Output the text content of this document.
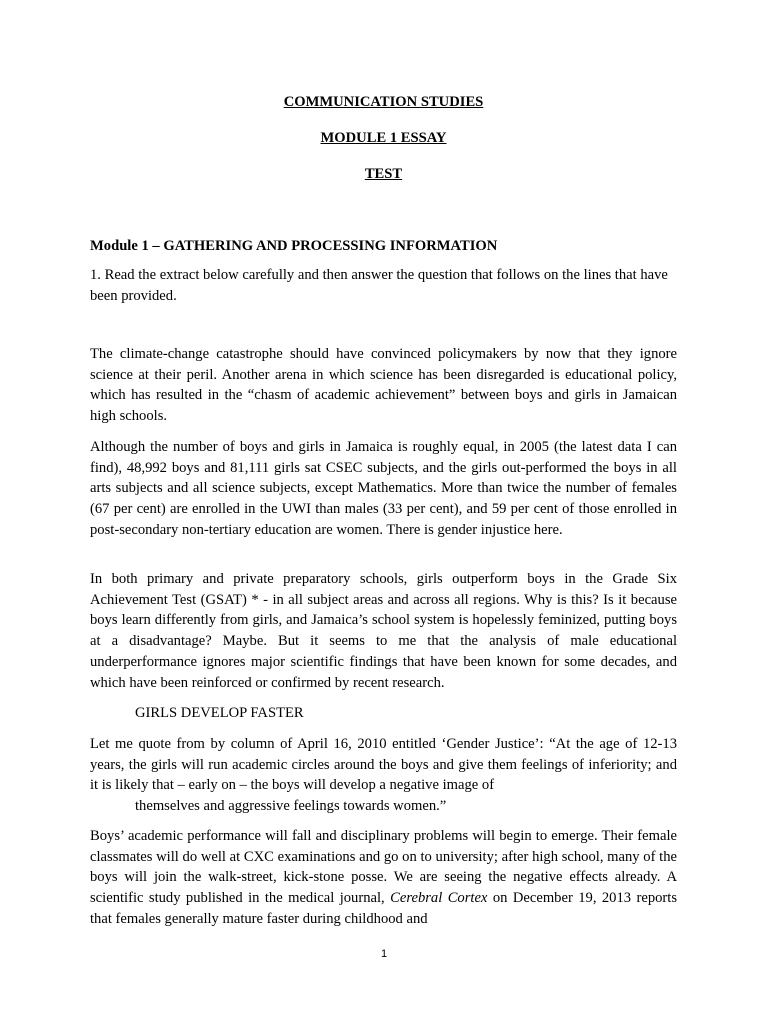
COMMUNICATION STUDIES
MODULE 1 ESSAY
TEST
Module 1 – GATHERING AND PROCESSING INFORMATION

1. Read the extract below carefully and then answer the question that follows on the lines that have been provided.

The climate-change catastrophe should have convinced policymakers by now that they ignore science at their peril. Another arena in which science has been disregarded is educational policy, which has resulted in the “chasm of academic achievement” between boys and girls in Jamaican high schools.

Although the number of boys and girls in Jamaica is roughly equal, in 2005 (the latest data I can find), 48,992 boys and 81,111 girls sat CSEC subjects, and the girls out-performed the boys in all arts subjects and all science subjects, except Mathematics. More than twice the number of females (67 per cent) are enrolled in the UWI than males (33 per cent), and 59 per cent of those enrolled in post-secondary non-tertiary education are women. There is gender injustice here.

In both primary and private preparatory schools, girls outperform boys in the Grade Six Achievement Test (GSAT) * - in all subject areas and across all regions. Why is this? Is it because boys learn differently from girls, and Jamaica’s school system is hopelessly feminized, putting boys at a disadvantage? Maybe. But it seems to me that the analysis of male educational underperformance ignores major scientific findings that have been known for some decades, and which have been reinforced or confirmed by recent research.

GIRLS DEVELOP FASTER

Let me quote from by column of April 16, 2010 entitled ‘Gender Justice’: “At the age of 12-13 years, the girls will run academic circles around the boys and give them feelings of inferiority; and it is likely that – early on – the boys will develop a negative image of

themselves and aggressive feelings towards women.”

Boys’ academic performance will fall and disciplinary problems will begin to emerge. Their female classmates will do well at CXC examinations and go on to university; after high school, many of the boys will join the walk-street, kick-stone posse. We are seeing the negative effects already. A scientific study published in the medical journal, Cerebral Cortex on December 19, 2013 reports that females generally mature faster during childhood and

1
